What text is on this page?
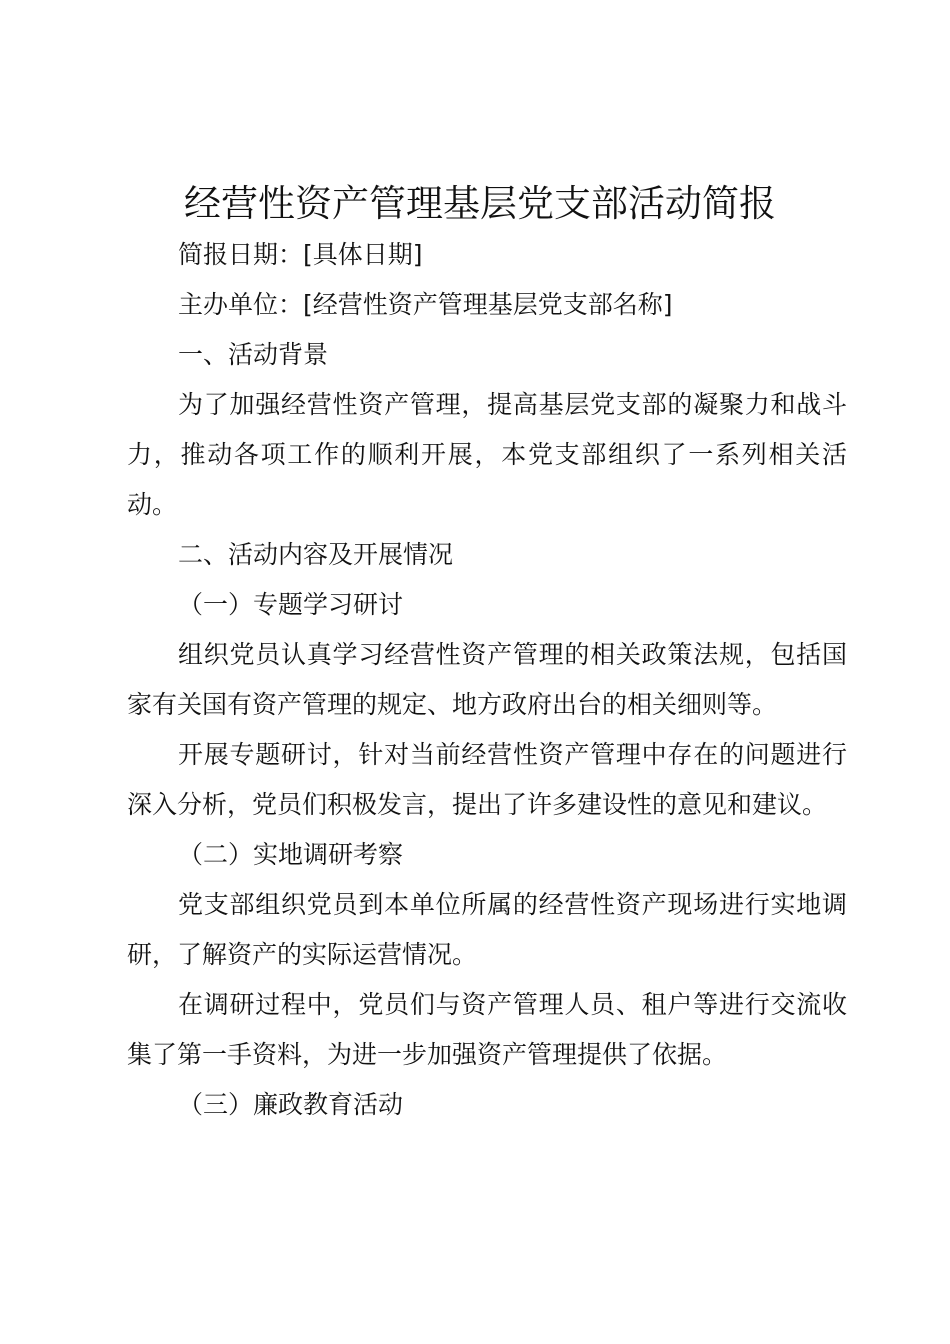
经营性资产管理基层党支部活动简报

简报日期：[具体日期]

主办单位：[经营性资产管理基层党支部名称]

一、活动背景

为了加强经营性资产管理，提高基层党支部的凝聚力和战斗力，推动各项工作的顺利开展，本党支部组织了一系列相关活动。

二、活动内容及开展情况

（一）专题学习研讨

组织党员认真学习经营性资产管理的相关政策法规，包括国家有关国有资产管理的规定、地方政府出台的相关细则等。

开展专题研讨，针对当前经营性资产管理中存在的问题进行深入分析，党员们积极发言，提出了许多建设性的意见和建议。

（二）实地调研考察

党支部组织党员到本单位所属的经营性资产现场进行实地调研，了解资产的实际运营情况。

在调研过程中，党员们与资产管理人员、租户等进行交流收集了第一手资料，为进一步加强资产管理提供了依据。

（三）廉政教育活动
